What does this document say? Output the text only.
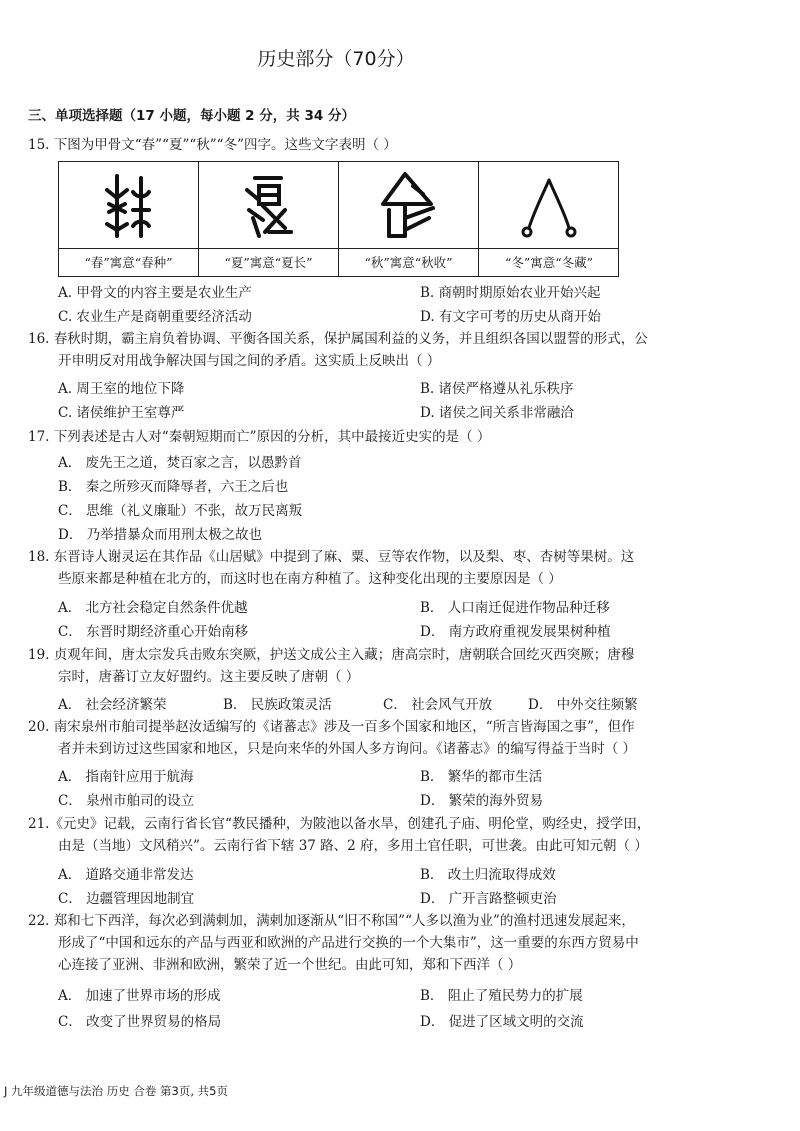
历史部分（70分）
三、单项选择题（17 小题，每小题 2 分，共 34 分）
15. 下图为甲骨文“春”“夏”“秋”“冬”四字。这些文字表明（ ）
“春”寓意“春种”	“夏”寓意“夏长”	“秋”寓意“秋收”	“冬”寓意“冬藏”
A. 甲骨文的内容主要是农业生产	B. 商朝时期原始农业开始兴起
C. 农业生产是商朝重要经济活动	D. 有文字可考的历史从商开始
16. 春秋时期，霸主肩负着协调、平衡各国关系，保护属国利益的义务，并且组织各国以盟誓的形式，公
开申明反对用战争解决国与国之间的矛盾。这实质上反映出（ ）
A. 周王室的地位下降	B. 诸侯严格遵从礼乐秩序
C. 诸侯维护王室尊严	D. 诸侯之间关系非常融洽
17. 下列表述是古人对“秦朝短期而亡”原因的分析，其中最接近史实的是（ ）
A． 废先王之道，焚百家之言，以愚黔首
B． 秦之所殄灭而降辱者，六王之后也
C． 思维（礼义廉耻）不张，故万民离叛
D． 乃举措暴众而用刑太极之故也
18. 东晋诗人谢灵运在其作品《山居赋》中提到了麻、粟、豆等农作物，以及梨、枣、杏树等果树。这
些原来都是种植在北方的，而这时也在南方种植了。这种变化出现的主要原因是（ ）
A． 北方社会稳定自然条件优越	B． 人口南迁促进作物品种迁移
C． 东晋时期经济重心开始南移	D． 南方政府重视发展果树种植
19. 贞观年间，唐太宗发兵击败东突厥，护送文成公主入藏；唐高宗时，唐朝联合回纥灭西突厥；唐穆
宗时，唐蕃订立友好盟约。这主要反映了唐朝（ ）
A． 社会经济繁荣	B． 民族政策灵活	C． 社会风气开放	D． 中外交往频繁
20. 南宋泉州市舶司提举赵汝适编写的《诸蕃志》涉及一百多个国家和地区，“所言皆海国之事”，但作
者并未到访过这些国家和地区，只是向来华的外国人多方询问。《诸蕃志》的编写得益于当时（ ）
A． 指南针应用于航海	B． 繁华的都市生活
C． 泉州市舶司的设立	D． 繁荣的海外贸易
21.《元史》记载，云南行省长官“教民播种，为陂池以备水旱，创建孔子庙、明伦堂，购经史，授学田，
由是（当地）文风稍兴”。云南行省下辖 37 路、2 府，多用土官任职，可世袭。由此可知元朝（ ）
A． 道路交通非常发达	B． 改土归流取得成效
C． 边疆管理因地制宜	D． 广开言路整顿吏治
22. 郑和七下西洋，每次必到满剌加，满剌加逐渐从“旧不称国”“人多以渔为业”的渔村迅速发展起来，
形成了“中国和远东的产品与西亚和欧洲的产品进行交换的一个大集市”，这一重要的东西方贸易中
心连接了亚洲、非洲和欧洲，繁荣了近一个世纪。由此可知，郑和下西洋（ ）
A． 加速了世界市场的形成	B． 阻止了殖民势力的扩展
C． 改变了世界贸易的格局	D． 促进了区域文明的交流
J 九年级道德与法治 历史 合卷 第3页, 共5页
